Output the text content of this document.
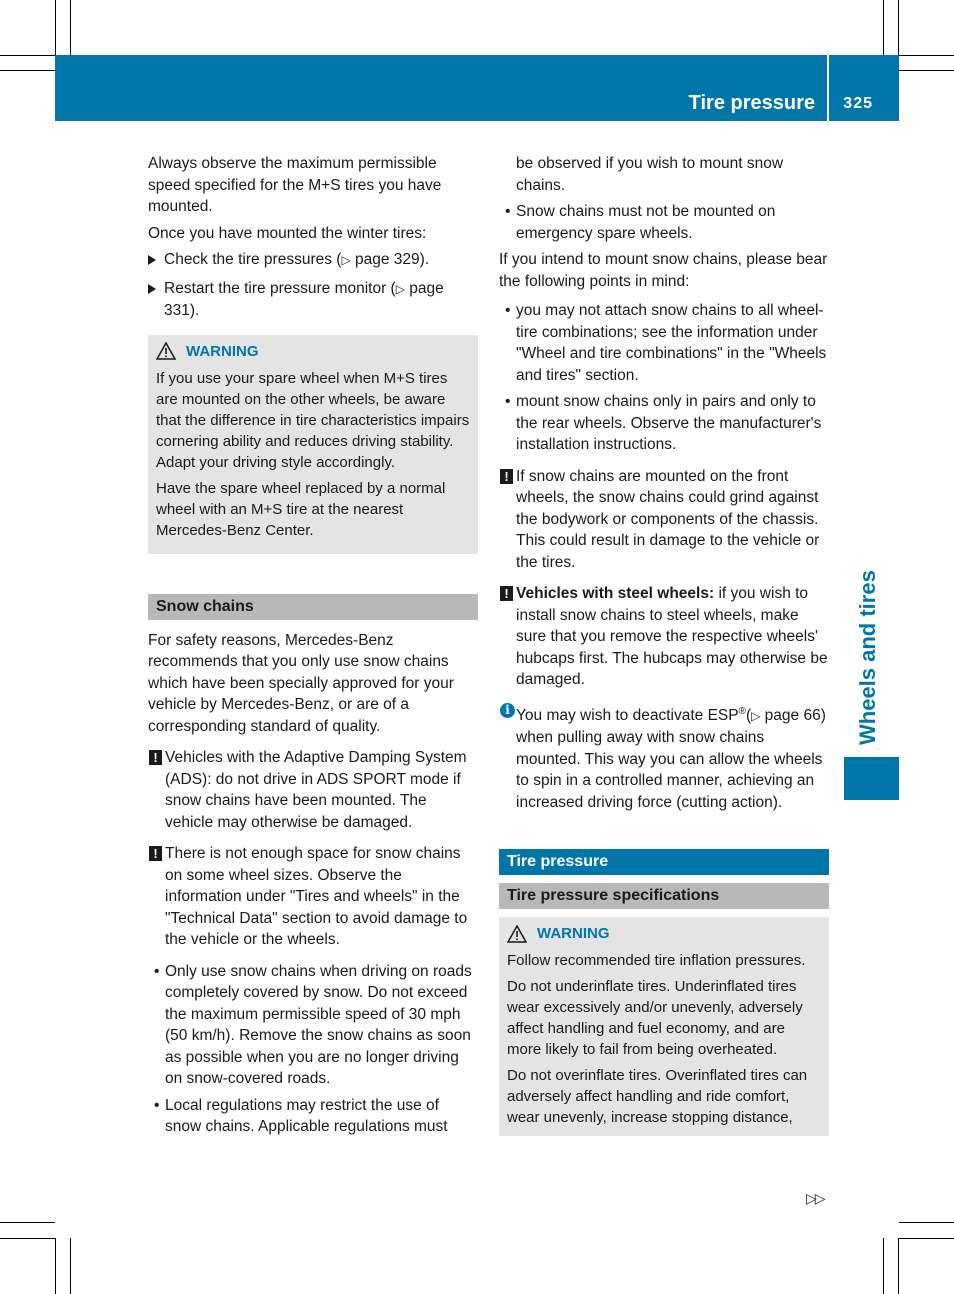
Tire pressure 325
Wheels and tires

Always observe the maximum permissible speed specified for the M+S tires you have mounted.

Once you have mounted the winter tires:

Check the tire pressures (▷ page 329).
Restart the tire pressure monitor (▷ page 331).
WARNING

If you use your spare wheel when M+S tires are mounted on the other wheels, be aware that the difference in tire characteristics impairs cornering ability and reduces driving stability. Adapt your driving style accordingly.

Have the spare wheel replaced by a normal wheel with an M+S tire at the nearest Mercedes-Benz Center.

Snow chains

For safety reasons, Mercedes-Benz recommends that you only use snow chains which have been specially approved for your vehicle by Mercedes-Benz, or are of a corresponding standard of quality.

! Vehicles with the Adaptive Damping System (ADS): do not drive in ADS SPORT mode if snow chains have been mounted. The vehicle may otherwise be damaged.
! There is not enough space for snow chains on some wheel sizes. Observe the information under "Tires and wheels" in the "Technical Data" section to avoid damage to the vehicle or the wheels.
• Only use snow chains when driving on roads completely covered by snow. Do not exceed the maximum permissible speed of 30 mph (50 km/h). Remove the snow chains as soon as possible when you are no longer driving on snow-covered roads.
• Local regulations may restrict the use of snow chains. Applicable regulations must

be observed if you wish to mount snow chains.

• Snow chains must not be mounted on emergency spare wheels.

If you intend to mount snow chains, please bear the following points in mind:

• you may not attach snow chains to all wheel-tire combinations; see the information under "Wheel and tire combinations" in the "Wheels and tires" section.
• mount snow chains only in pairs and only to the rear wheels. Observe the manufacturer's installation instructions.
! If snow chains are mounted on the front wheels, the snow chains could grind against the bodywork or components of the chassis. This could result in damage to the vehicle or the tires.
! Vehicles with steel wheels: if you wish to install snow chains to steel wheels, make sure that you remove the respective wheels' hubcaps first. The hubcaps may otherwise be damaged.
i You may wish to deactivate ESP®(▷ page 66) when pulling away with snow chains mounted. This way you can allow the wheels to spin in a controlled manner, achieving an increased driving force (cutting action).
Tire pressure
Tire pressure specifications
WARNING

Follow recommended tire inflation pressures.

Do not underinflate tires. Underinflated tires wear excessively and/or unevenly, adversely affect handling and fuel economy, and are more likely to fail from being overheated.

Do not overinflate tires. Overinflated tires can adversely affect handling and ride comfort, wear unevenly, increase stopping distance,

▷▷
